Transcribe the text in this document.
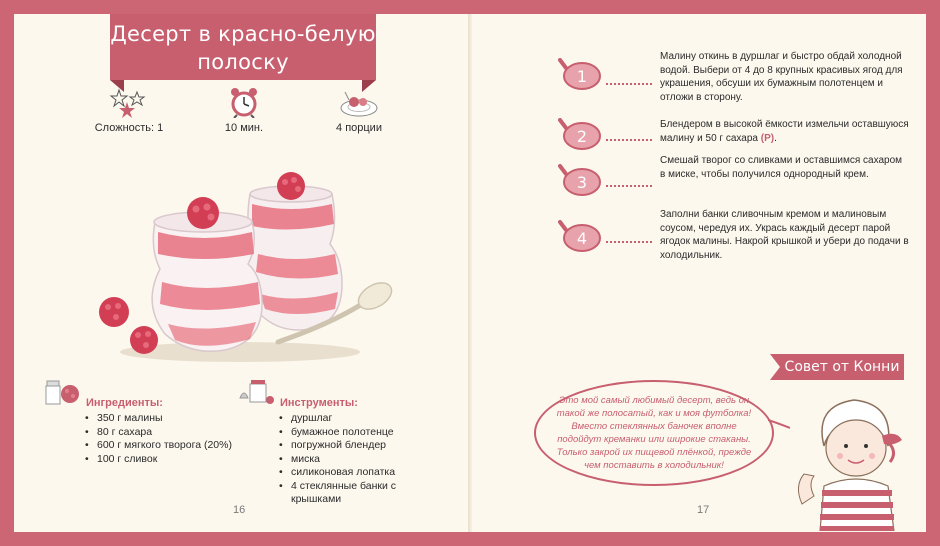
Десерт в красно-белую полоску
Сложность: 1	10 мин.	4 порции
Ингредиенты:
• 350 г малины
• 80 г сахара
• 600 г мягкого творога (20%)
• 100 г сливок
Инструменты:
• дуршлаг
• бумажное полотенце
• погружной блендер
• миска
• силиконовая лопатка
• 4 стеклянные банки с крышками
16
1
Малину откинь в дуршлаг и быстро обдай холодной водой. Выбери от 4 до 8 крупных красивых ягод для украшения, обсуши их бумажным полотенцем и отложи в сторону.
2
Блендером в высокой ёмкости измельчи оставшуюся малину и 50 г сахара (P).
3
Смешай творог со сливками и оставшимся сахаром в миске, чтобы получился однородный крем.
4
Заполни банки сливочным кремом и малиновым соусом, чередуя их. Укрась каждый десерт парой ягодок малины. Накрой крышкой и убери до подачи в холодильник.
Совет от Конни
Это мой самый любимый десерт, ведь он такой же полосатый, как и моя футболка! Вместо стеклянных баночек вполне подойдут креманки или широкие стаканы. Только закрой их пищевой плёнкой, прежде чем поставить в холодильник!
17
